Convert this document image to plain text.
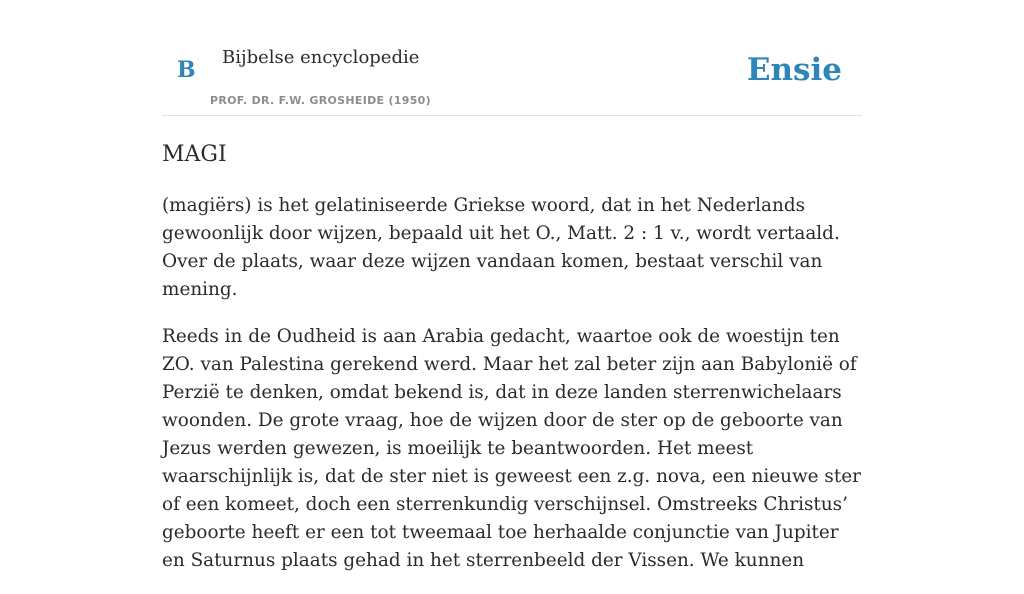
B Bijbelse encyclopedie
PROF. DR. F.W. GROSHEIDE (1950)
Ensie
MAGI

(magiërs) is het gelatiniseerde Griekse woord, dat in het Nederlands gewoonlijk door wijzen, bepaald uit het O., Matt. 2 : 1 v., wordt vertaald. Over de plaats, waar deze wijzen vandaan komen, bestaat verschil van mening.

Reeds in de Oudheid is aan Arabia gedacht, waartoe ook de woestijn ten ZO. van Palestina gerekend werd. Maar het zal beter zijn aan Babylonië of Perzië te denken, omdat bekend is, dat in deze landen sterrenwichelaars woonden. De grote vraag, hoe de wijzen door de ster op de geboorte van Jezus werden gewezen, is moeilijk te beantwoorden. Het meest waarschijnlijk is, dat de ster niet is geweest een z.g. nova, een nieuwe ster of een komeet, doch een sterrenkundig verschijnsel. Omstreeks Christus’ geboorte heeft er een tot tweemaal toe herhaalde conjunctie van Jupiter en Saturnus plaats gehad in het sterrenbeeld der Vissen. We kunnen
